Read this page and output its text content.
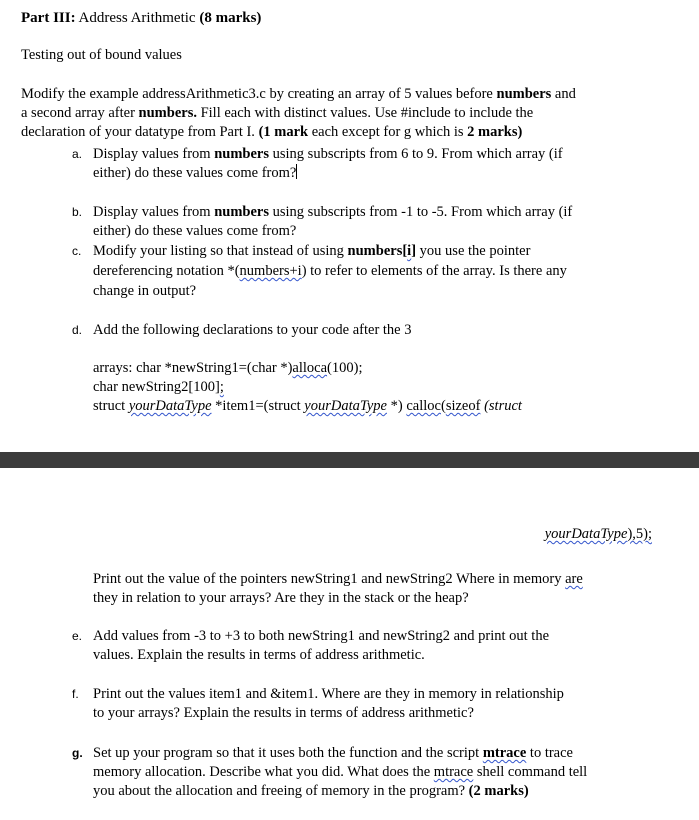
Part III: Address Arithmetic (8 marks)
Testing out of bound values
Modify the example addressArithmetic3.c by creating an array of 5 values before numbers and
a second array after numbers. Fill each with distinct values. Use #include to include the
declaration of your datatype from Part I. (1 mark each except for g which is 2 marks)
a. Display values from numbers using subscripts from 6 to 9. From which array (if
either) do these values come from?
b. Display values from numbers using subscripts from -1 to -5. From which array (if
either) do these values come from?
c. Modify your listing so that instead of using numbers[i] you use the pointer
dereferencing notation *(numbers+i) to refer to elements of the array. Is there any
change in output?
d. Add the following declarations to your code after the 3
arrays: char *newString1=(char *)alloca(100);
char newString2[100];
struct yourDataType *item1=(struct yourDataType *) calloc(sizeof (struct
yourDataType),5);
Print out the value of the pointers newString1 and newString2 Where in memory are
they in relation to your arrays? Are they in the stack or the heap?
e. Add values from -3 to +3 to both newString1 and newString2 and print out the
values. Explain the results in terms of address arithmetic.
f. Print out the values item1 and &item1. Where are they in memory in relationship
to your arrays? Explain the results in terms of address arithmetic?
g. Set up your program so that it uses both the function and the script mtrace to trace
memory allocation. Describe what you did. What does the mtrace shell command tell
you about the allocation and freeing of memory in the program? (2 marks)
